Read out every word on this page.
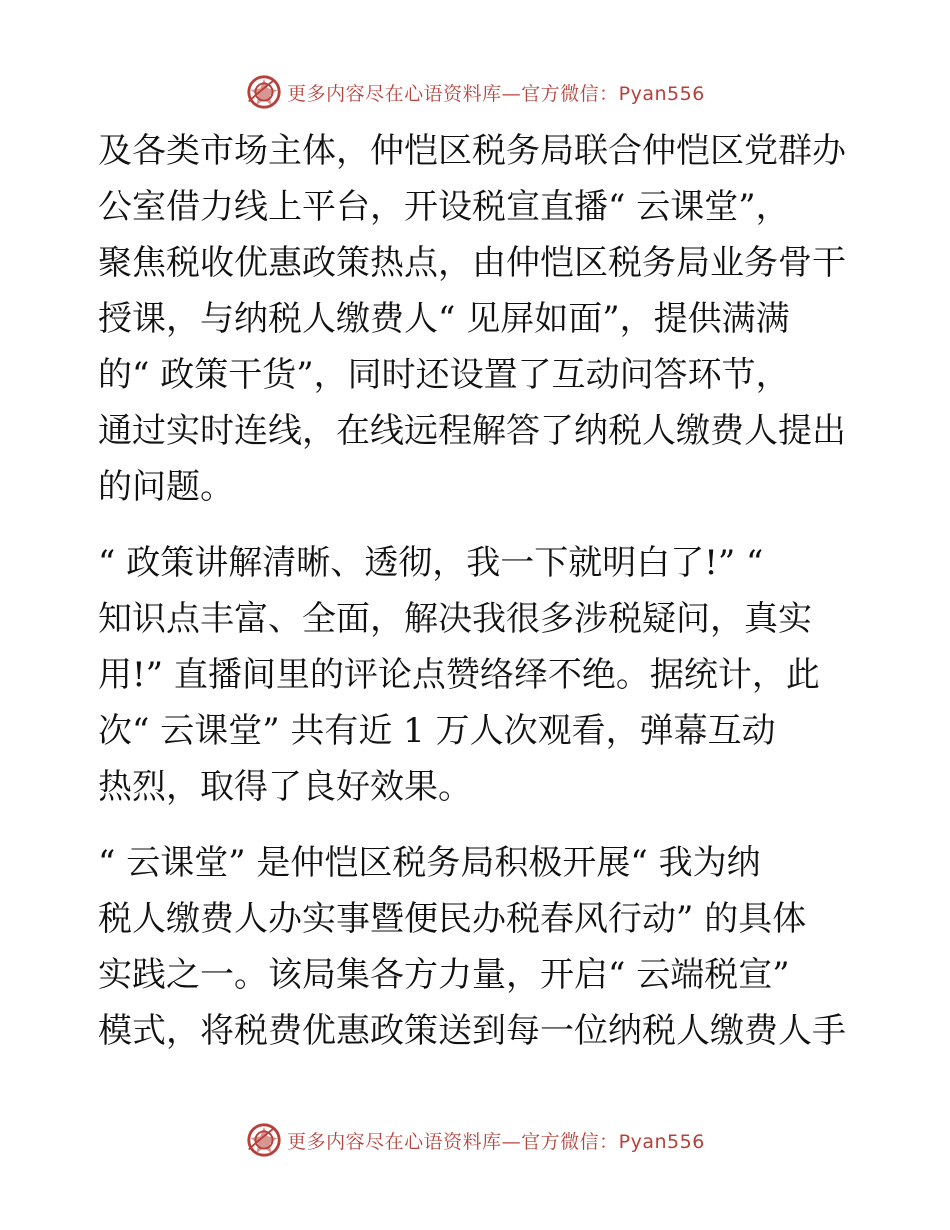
更多内容尽在心语资料库—官方微信：Pyan556
及各类市场主体，仲恺区税务局联合仲恺区党群办
公室借力线上平台，开设税宣直播“ 云课堂”，
聚焦税收优惠政策热点，由仲恺区税务局业务骨干
授课，与纳税人缴费人“ 见屏如面”，提供满满
的“ 政策干货”，同时还设置了互动问答环节，
通过实时连线，在线远程解答了纳税人缴费人提出
的问题。
“ 政策讲解清晰、透彻，我一下就明白了!” “
知识点丰富、全面，解决我很多涉税疑问，真实
用!” 直播间里的评论点赞络绎不绝。据统计，此
次“ 云课堂” 共有近 1 万人次观看，弹幕互动
热烈，取得了良好效果。
“ 云课堂” 是仲恺区税务局积极开展“ 我为纳
税人缴费人办实事暨便民办税春风行动” 的具体
实践之一。该局集各方力量，开启“ 云端税宣”
模式，将税费优惠政策送到每一位纳税人缴费人手
更多内容尽在心语资料库—官方微信：Pyan556
